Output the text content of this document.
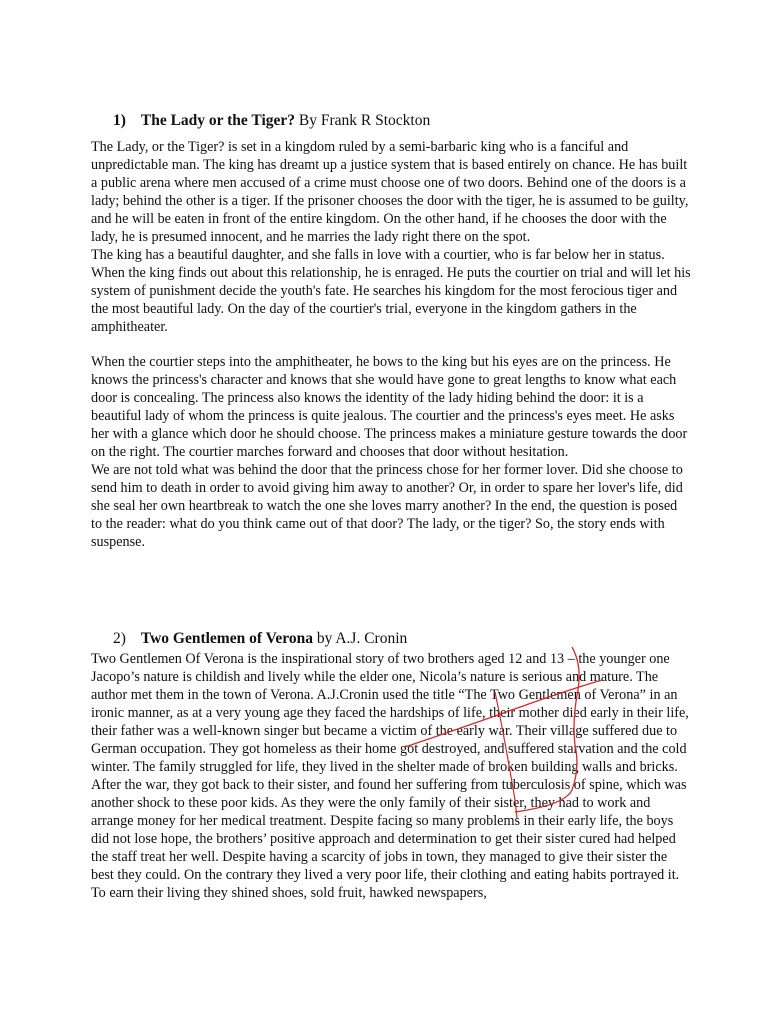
1) The Lady or the Tiger? By Frank R Stockton

The Lady, or the Tiger? is set in a kingdom ruled by a semi-barbaric king who is a fanciful and unpredictable man. The king has dreamt up a justice system that is based entirely on chance. He has built a public arena where men accused of a crime must choose one of two doors. Behind one of the doors is a lady; behind the other is a tiger. If the prisoner chooses the door with the tiger, he is assumed to be guilty, and he will be eaten in front of the entire kingdom. On the other hand, if he chooses the door with the lady, he is presumed innocent, and he marries the lady right there on the spot.

The king has a beautiful daughter, and she falls in love with a courtier, who is far below her in status. When the king finds out about this relationship, he is enraged. He puts the courtier on trial and will let his system of punishment decide the youth's fate. He searches his kingdom for the most ferocious tiger and the most beautiful lady. On the day of the courtier's trial, everyone in the kingdom gathers in the amphitheater.

When the courtier steps into the amphitheater, he bows to the king but his eyes are on the princess. He knows the princess's character and knows that she would have gone to great lengths to know what each door is concealing. The princess also knows the identity of the lady hiding behind the door: it is a beautiful lady of whom the princess is quite jealous. The courtier and the princess's eyes meet. He asks her with a glance which door he should choose. The princess makes a miniature gesture towards the door on the right. The courtier marches forward and chooses that door without hesitation.

We are not told what was behind the door that the princess chose for her former lover. Did she choose to send him to death in order to avoid giving him away to another? Or, in order to spare her lover's life, did she seal her own heartbreak to watch the one she loves marry another? In the end, the question is posed to the reader: what do you think came out of that door? The lady, or the tiger? So, the story ends with suspense.

2) Two Gentlemen of Verona by A.J. Cronin

Two Gentlemen Of Verona is the inspirational story of two brothers aged 12 and 13 – the younger one Jacopo’s nature is childish and lively while the elder one, Nicola’s nature is serious and mature. The author met them in the town of Verona. A.J.Cronin used the title “The Two Gentlemen of Verona” in an ironic manner, as at a very young age they faced the hardships of life, their mother died early in their life, their father was a well-known singer but became a victim of the early war. Their village suffered due to German occupation. They got homeless as their home got destroyed, and suffered starvation and the cold winter. The family struggled for life, they lived in the shelter made of broken building walls and bricks. After the war, they got back to their sister, and found her suffering from tuberculosis of spine, which was another shock to these poor kids. As they were the only family of their sister, they had to work and arrange money for her medical treatment. Despite facing so many problems in their early life, the boys did not lose hope, the brothers’ positive approach and determination to get their sister cured had helped the staff treat her well. Despite having a scarcity of jobs in town, they managed to give their sister the best they could. On the contrary they lived a very poor life, their clothing and eating habits portrayed it. To earn their living they shined shoes, sold fruit, hawked newspapers,
